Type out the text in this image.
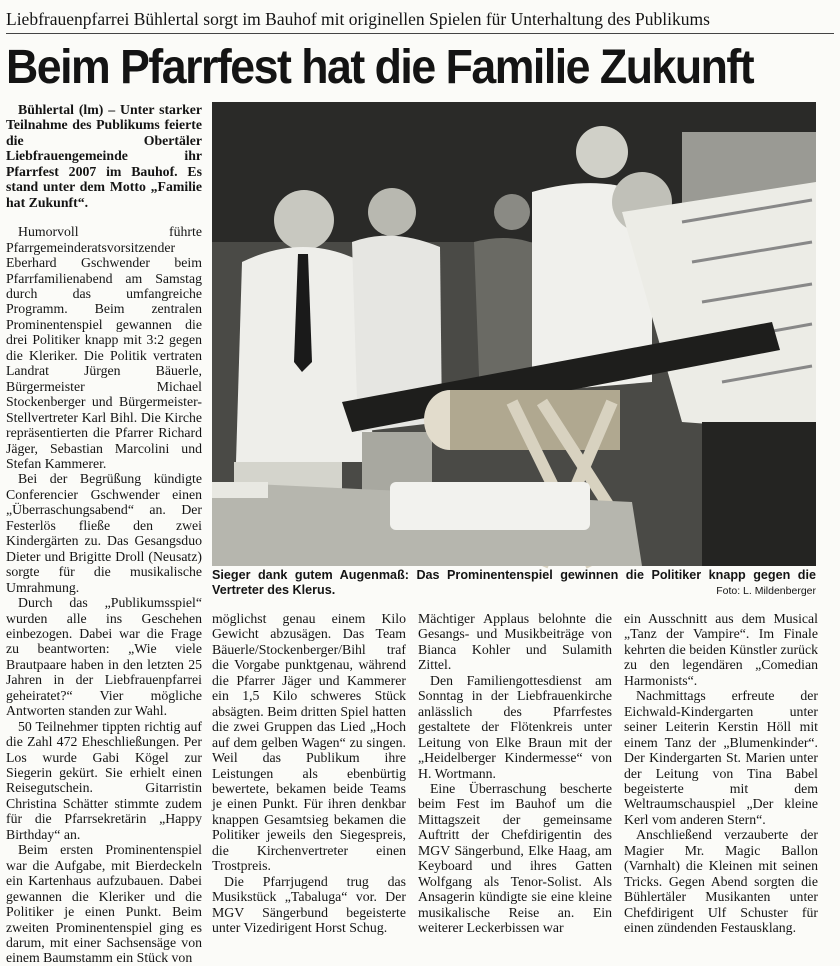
Liebfrauenpfarrei Bühlertal sorgt im Bauhof mit originellen Spielen für Unterhaltung des Publikums
Beim Pfarrfest hat die Familie Zukunft

Bühlertal (lm) – Unter starker Teilnahme des Publikums feierte die Obertäler Liebfrauengemeinde ihr Pfarrfest 2007 im Bauhof. Es stand unter dem Motto „Familie hat Zukunft“.

Humorvoll führte Pfarrgemeinderatsvorsitzender Eberhard Gschwender beim Pfarrfamilienabend am Samstag durch das umfangreiche Programm. Beim zentralen Prominentenspiel gewannen die drei Politiker knapp mit 3:2 gegen die Kleriker. Die Politik vertraten Landrat Jürgen Bäuerle, Bürgermeister Michael Stockenberger und Bürgermeister-Stellvertreter Karl Bihl. Die Kirche repräsentierten die Pfarrer Richard Jäger, Sebastian Marcolini und Stefan Kammerer.

Bei der Begrüßung kündigte Conferencier Gschwender einen „Überraschungsabend“ an. Der Festerlös fließe den zwei Kindergärten zu. Das Gesangsduo Dieter und Brigitte Droll (Neusatz) sorgte für die musikalische Umrahmung.

Durch das „Publikumsspiel“ wurden alle ins Geschehen einbezogen. Dabei war die Frage zu beantworten: „Wie viele Brautpaare haben in den letzten 25 Jahren in der Liebfrauenpfarrei geheiratet?“ Vier mögliche Antworten standen zur Wahl.

50 Teilnehmer tippten richtig auf die Zahl 472 Eheschließungen. Per Los wurde Gabi Kögel zur Siegerin gekürt. Sie erhielt einen Reisegutschein. Gitarristin Christina Schätter stimmte zudem für die Pfarrsekretärin „Happy Birthday“ an.

Beim ersten Prominentenspiel war die Aufgabe, mit Bierdeckeln ein Kartenhaus aufzubauen. Dabei gewannen die Kleriker und die Politiker je einen Punkt. Beim zweiten Prominentenspiel ging es darum, mit einer Sachsensäge von einem Baumstamm ein Stück von

Sieger dank gutem Augenmaß: Das Prominentenspiel gewinnen die Politiker knapp gegen die Vertreter des Klerus.	Foto: L. Mildenberger

möglichst genau einem Kilo Gewicht abzusägen. Das Team Bäuerle/Stockenberger/Bihl traf die Vorgabe punktgenau, während die Pfarrer Jäger und Kammerer ein 1,5 Kilo schweres Stück absägten. Beim dritten Spiel hatten die zwei Gruppen das Lied „Hoch auf dem gelben Wagen“ zu singen. Weil das Publikum ihre Leistungen als ebenbürtig bewertete, bekamen beide Teams je einen Punkt. Für ihren denkbar knappen Gesamtsieg bekamen die Politiker jeweils den Siegespreis, die Kirchenvertreter einen Trostpreis.

Die Pfarrjugend trug das Musikstück „Tabaluga“ vor. Der MGV Sängerbund begeisterte unter Vizedirigent Horst Schug.

Mächtiger Applaus belohnte die Gesangs- und Musikbeiträge von Bianca Kohler und Sulamith Zittel.

Den Familiengottesdienst am Sonntag in der Liebfrauenkirche anlässlich des Pfarrfestes gestaltete der Flötenkreis unter Leitung von Elke Braun mit der „Heidelberger Kindermesse“ von H. Wortmann.

Eine Überraschung bescherte beim Fest im Bauhof um die Mittagszeit der gemeinsame Auftritt der Chefdirigentin des MGV Sängerbund, Elke Haag, am Keyboard und ihres Gatten Wolfgang als Tenor-Solist. Als Ansagerin kündigte sie eine kleine musikalische Reise an. Ein weiterer Leckerbissen war

ein Ausschnitt aus dem Musical „Tanz der Vampire“. Im Finale kehrten die beiden Künstler zurück zu den legendären „Comedian Harmonists“.

Nachmittags erfreute der Eichwald-Kindergarten unter seiner Leiterin Kerstin Höll mit einem Tanz der „Blumenkinder“. Der Kindergarten St. Marien unter der Leitung von Tina Babel begeisterte mit dem Weltraumschauspiel „Der kleine Kerl vom anderen Stern“.

Anschließend verzauberte der Magier Mr. Magic Ballon (Varnhalt) die Kleinen mit seinen Tricks. Gegen Abend sorgten die Bühlertäler Musikanten unter Chefdirigent Ulf Schuster für einen zündenden Festausklang.
